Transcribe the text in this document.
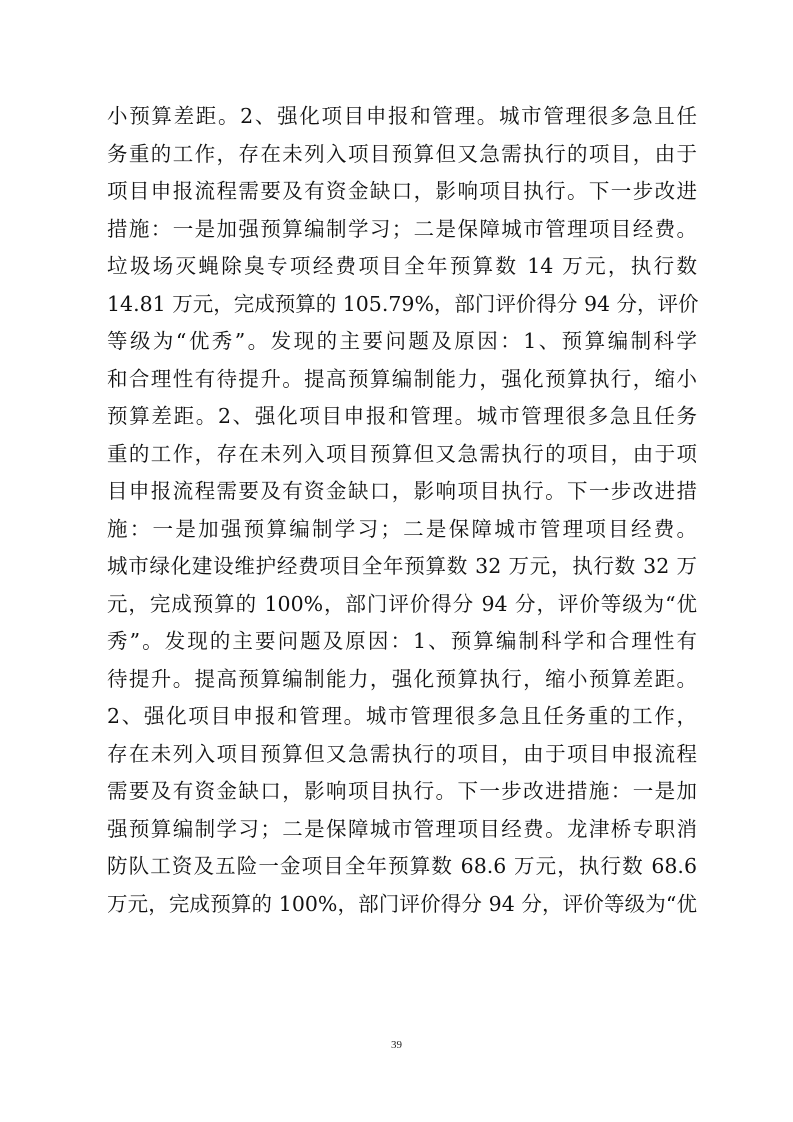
小预算差距。2、强化项目申报和管理。城市管理很多急且任
务重的工作，存在未列入项目预算但又急需执行的项目，由于
项目申报流程需要及有资金缺口，影响项目执行。下一步改进
措施：一是加强预算编制学习；二是保障城市管理项目经费。
垃圾场灭蝇除臭专项经费项目全年预算数 14 万元，执行数
14.81 万元，完成预算的 105.79%，部门评价得分 94 分，评价
等级为“优秀”。发现的主要问题及原因：1、预算编制科学
和合理性有待提升。提高预算编制能力，强化预算执行，缩小
预算差距。2、强化项目申报和管理。城市管理很多急且任务
重的工作，存在未列入项目预算但又急需执行的项目，由于项
目申报流程需要及有资金缺口，影响项目执行。下一步改进措
施：一是加强预算编制学习；二是保障城市管理项目经费。
城市绿化建设维护经费项目全年预算数 32 万元，执行数 32 万
元，完成预算的 100%，部门评价得分 94 分，评价等级为“优
秀”。发现的主要问题及原因：1、预算编制科学和合理性有
待提升。提高预算编制能力，强化预算执行，缩小预算差距。
2、强化项目申报和管理。城市管理很多急且任务重的工作，
存在未列入项目预算但又急需执行的项目，由于项目申报流程
需要及有资金缺口，影响项目执行。下一步改进措施：一是加
强预算编制学习；二是保障城市管理项目经费。龙津桥专职消
防队工资及五险一金项目全年预算数 68.6 万元，执行数 68.6
万元，完成预算的 100%，部门评价得分 94 分，评价等级为“优
39
